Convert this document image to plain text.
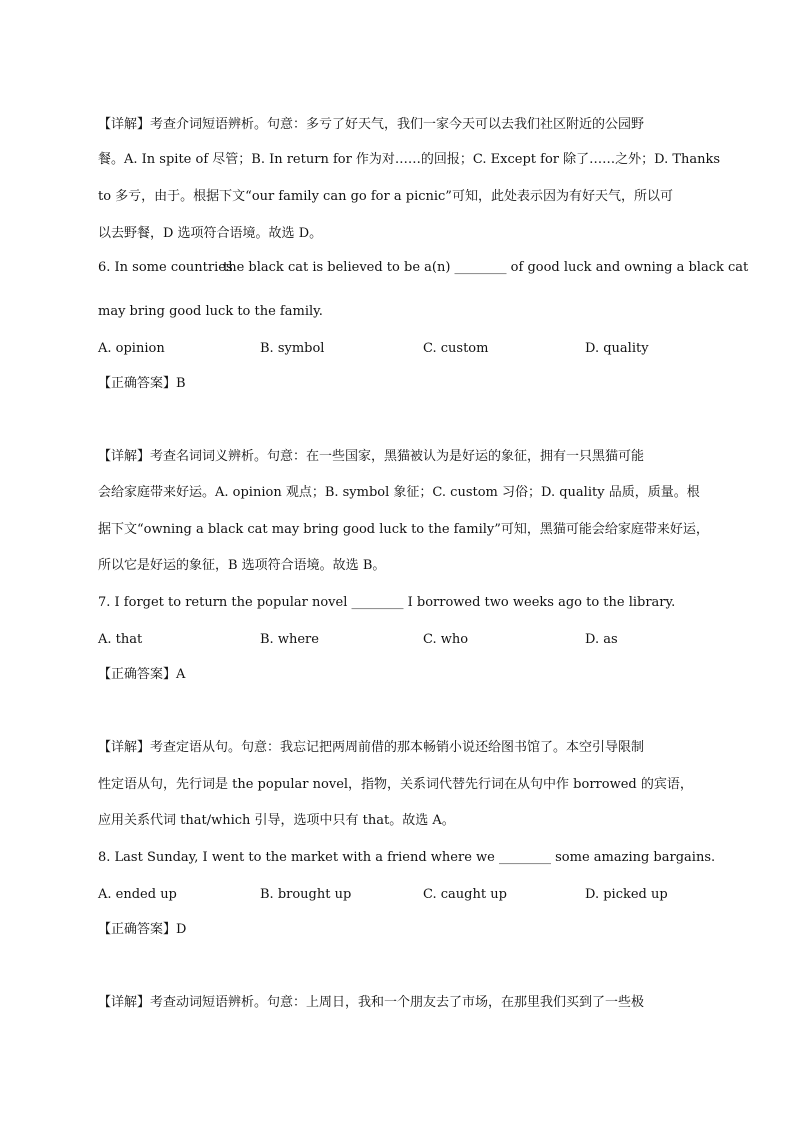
【详解】考查介词短语辨析。句意：多亏了好天气，我们一家今天可以去我们社区附近的公园野
餐。A. In spite of 尽管；B. In return for 作为对……的回报；C. Except for 除了……之外；D. Thanks
to 多亏，由于。根据下文“our family can go for a picnic”可知，此处表示因为有好天气，所以可
以去野餐，D 选项符合语境。故选 D。
6. In some countries
the black cat is believed to be a(n) ________ of good luck and owning a black cat
may bring good luck to the family.
A. opinion	B. symbol	C. custom	D. quality
【正确答案】B
【详解】考查名词词义辨析。句意：在一些国家，黑猫被认为是好运的象征，拥有一只黑猫可能
会给家庭带来好运。A. opinion 观点；B. symbol 象征；C. custom 习俗；D. quality 品质，质量。根
据下文“owning a black cat may bring good luck to the family”可知，黑猫可能会给家庭带来好运，
所以它是好运的象征，B 选项符合语境。故选 B。
7. I forget to return the popular novel ________ I borrowed two weeks ago to the library.
A. that	B. where	C. who	D. as
【正确答案】A
【详解】考查定语从句。句意：我忘记把两周前借的那本畅销小说还给图书馆了。本空引导限制
性定语从句，先行词是 the popular novel，指物，关系词代替先行词在从句中作 borrowed 的宾语，
应用关系代词 that/which 引导，选项中只有 that。故选 A。
8. Last Sunday, I went to the market with a friend where we ________ some amazing bargains.
A. ended up	B. brought up	C. caught up	D. picked up
【正确答案】D
【详解】考查动词短语辨析。句意：上周日，我和一个朋友去了市场，在那里我们买到了一些极
